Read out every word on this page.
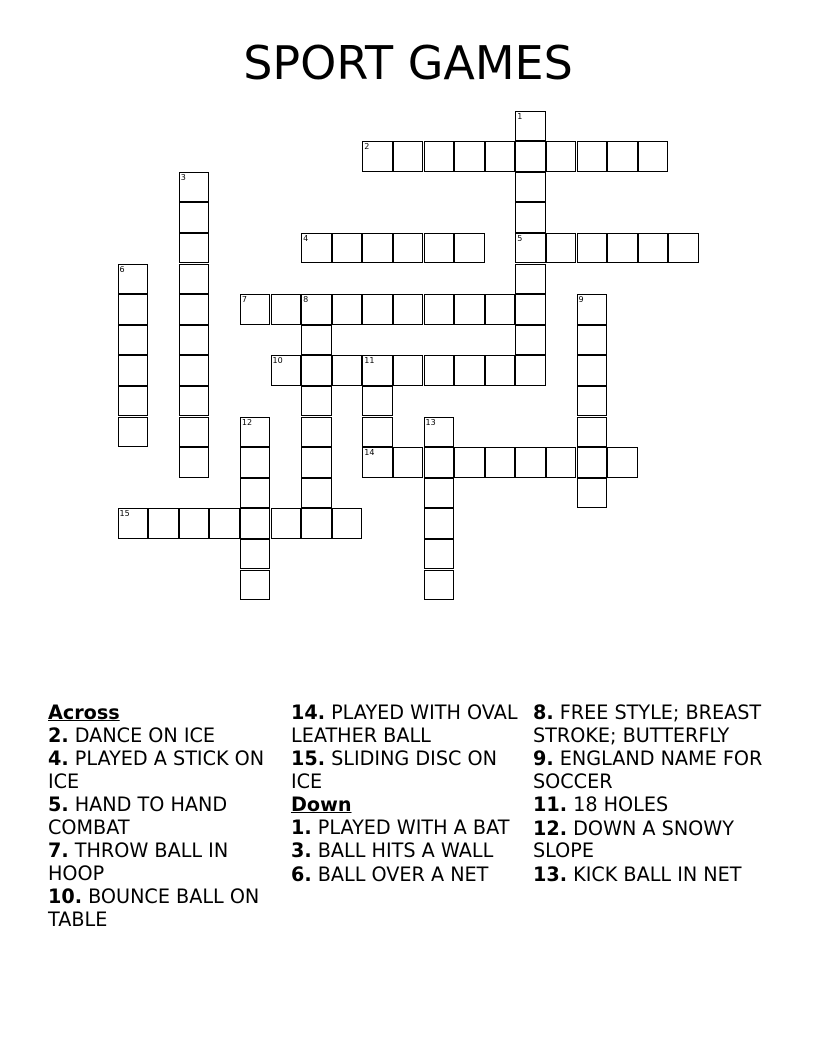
SPORT GAMES
1
5
2
3
4
6
7	8	9
10	11
14
12	13
15
Across
2. DANCE ON ICE
4. PLAYED A STICK ON ICE
5. HAND TO HAND COMBAT
7. THROW BALL IN HOOP
10. BOUNCE BALL ON TABLE
14. PLAYED WITH OVAL LEATHER BALL
15. SLIDING DISC ON ICE
Down
1. PLAYED WITH A BAT
3. BALL HITS A WALL
6. BALL OVER A NET
8. FREE STYLE; BREAST STROKE; BUTTERFLY
9. ENGLAND NAME FOR SOCCER
11. 18 HOLES
12. DOWN A SNOWY SLOPE
13. KICK BALL IN NET
